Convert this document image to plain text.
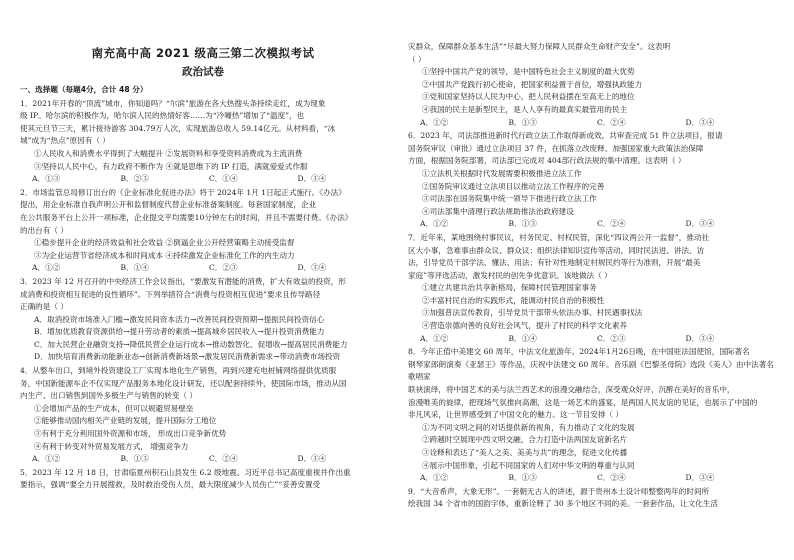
南充高中高 2021 级高三第二次模拟考试
政治试卷

一、选择题（每题4分，合计 48 分）

1．2021年开春的“顶流”城市，你知道吗？“尔滨”旅游在各大热搜头条持续走红，成为现象

级 IP。哈尔滨的积极作为，哈尔滨人民的热情好客……为“冷噱热”增加了“温度”，也

使其元旦节三天，累计接待游客 304.79万人次，实现旅游总收入 59.14亿元。从材料看，“冰

城”成为“热点”原因有（ ）

①人民收入和消费水平得到了大幅提升 ②发展资料和享受资料消费成为主流消费

③坚持以人民中心，有力政府不断作为 ④就是思维下的 IP 打造，满就爱爱式作服

A．①③	B．②③	C．①④	D．③④

2．市场监管总局修订出台的《企业标准化促进办法》将于 2024年 1月 1日起正式施行。《办法》

提出，用企业标准自我声明公开和监督制度代替企业标准备案制度。每套国家制度，企业

在公共服务平台上公开一项标准，企业提交平均需要10分钟左右的时间，并且不需要付费。《办法》

的出台有（ ）

①稳步提升企业的经济效益和社会效益 ②倒逼企业公开经营策略主动接受监督

③为企业运营节省经济成本和时间成本 ④持续激发企业标准化工作的内生动力

A．①②	B．①④	C．②③	D．③④

3．2023 年 12 月召开的中央经济工作会议指出，“要激发有潜能的消费，扩大有效益的投资，形

成消费和投资相互促进的良性循环”。下列举措符合“消费与投资相互促进”要求且传导路径

正确的是（ ）

A．取消投资市场准入门槛→激发民间资本活力→改善民间投资预期→提振民间投资信心

B．增加优质教育资源供给→提升劳动者的素质→提高城乡居民收入→提升投资消费能力

C．加大民营企业融资支持→降低民营企业运行成本→推动数智化、促增收→提高居民消费能力

D．加快培育消费新动能新业态→创新消费新场景→激发居民消费新需求→带动消费市场投资

4．从整车出口，到境外投资建设工厂实现本地化生产销售，再到兴建充电桩铺网络提供优质服

务，中国新能源车企不仅实现产品服务本地化设计研发，还以配套持续外，使国际市场，推动从国

内生产、出口销售到国外多极生产与销售的转变（ ）

①会增加产品的生产成本，但可以规避贸易壁垒

②能够推动国内相关产业链的发展，提升国际分工地位

③有利于充分利用国外资源和市场， 形成出口竞争新优势

④有利于转变对外贸易发展方式， 增强竞争力

A．①②	B．①③	C．②④	D．③④

5．2023 年 12 月 18 日，甘肃临夏州积石山县发生 6.2 级地震。习近平总书记高度重视并作出重

要指示，强调“要全力开展搜救，及时救治受伤人员，最大限度减少人员伤亡”“妥善安置受

灾群众，保障群众基本生活”“尽最大努力保障人民群众生命财产安全”。这表明

（ ）

①坚持中国共产党的领导，是中国特色社会主义制度的最大优势

②中国共产党践行初心使命，把国家利益置于首位，增强执政能力

③党和国家坚持以人民为中心，把人民利益摆在至高无上的地位

④我国的民主是新型民主，是人人享有的最真实最管用的民主

A．①②	B．①③	C．②④	D．③④

6．2023 年，司法部推进新时代行政立法工作取得新成效，共审查完成 51 件立法项目，报请

国务院审议（审批）通过立法项目 37 件，在抓落立改废释、加强国家重大政策法治保障

方面，根据国务院部署，司法部已完成对 404部行政法规的集中清理。这表明（ ）

①立法机关根据时代发展需要积极推进立法工作

②国务院审议通过立法项目以推动立法工作程序的完善

③司法部在国务院集中统一领导下推进行政立法工作

④司法部集中清理行政法规助推法治政府建设

A．①②	B．①③	C．②④	D．③④

7．近年来，某地围绕村事民议，村务民定、村权民管，深化“四议两公开一监督”，推动社

区大小事，急难事由群众议、群众议；组织法律知识宣传等活动，同时民法进、讲法、访

法，引导党员干部学法、懂法、用法；有针对性地制定村规民约等行为准则，开展“最美

家庭”等评选活动，激发村民的创先争优意识。该地做法（ ）

①建立共建共治共享新格局，保障村民管理国家事务

②丰富村民自治的实践形式，能调动村民自治的积极性

③加强普法宣传教育，引导党员干部带头依法办事、村民遇事找法

④营造崇德向善的良好社会风气，提升了村民的科学文化素养

A．①②	B．①④	C．②③	D．③④

8．今年正值中美建交 60 周年，中法文化旅游年。2024年1月26日晚，在中国驻法国使馆，国际著名

钢琴家郎朗演奏《亚瑟王》等作品，庆祝中法建交 60 周年。音乐剧《巴黎圣母院》选段《美人》由中法著名歌唱家

联袂演绎，将中国艺术的美与法兰西艺术的浪漫交融结合，深受观众好评，沉醉在美好的音乐中，

浪漫唯美的旋律，把现场气氛推向高潮，这是一场艺术的盛宴，是两国人民友谊的见证，也展示了中国的

非凡风采，让世界感受到了中国文化的魅力。这一节目安排（ ）

①为不同文明之间的对话提供新的视角，有力推动了文化的发展

②跨越时空展现中西文明交融，合力打造中法两国友谊新名片

③诠释和表达了“美人之美、美美与共”的理念，促进文化传播

④展示中国形象，引起不同国家的人们对中华文明的尊重与认同

A．①②	B．①③	C．②④	D．③④

9．“大音希声，大象无形”。一套朝无古人的讲述，源于贵州本土设计师整整两年的时间所

绘我国 34 个省市的国韵字体，重新诠释了 30 多个地区不同的美。一套套作品，让文化生活
